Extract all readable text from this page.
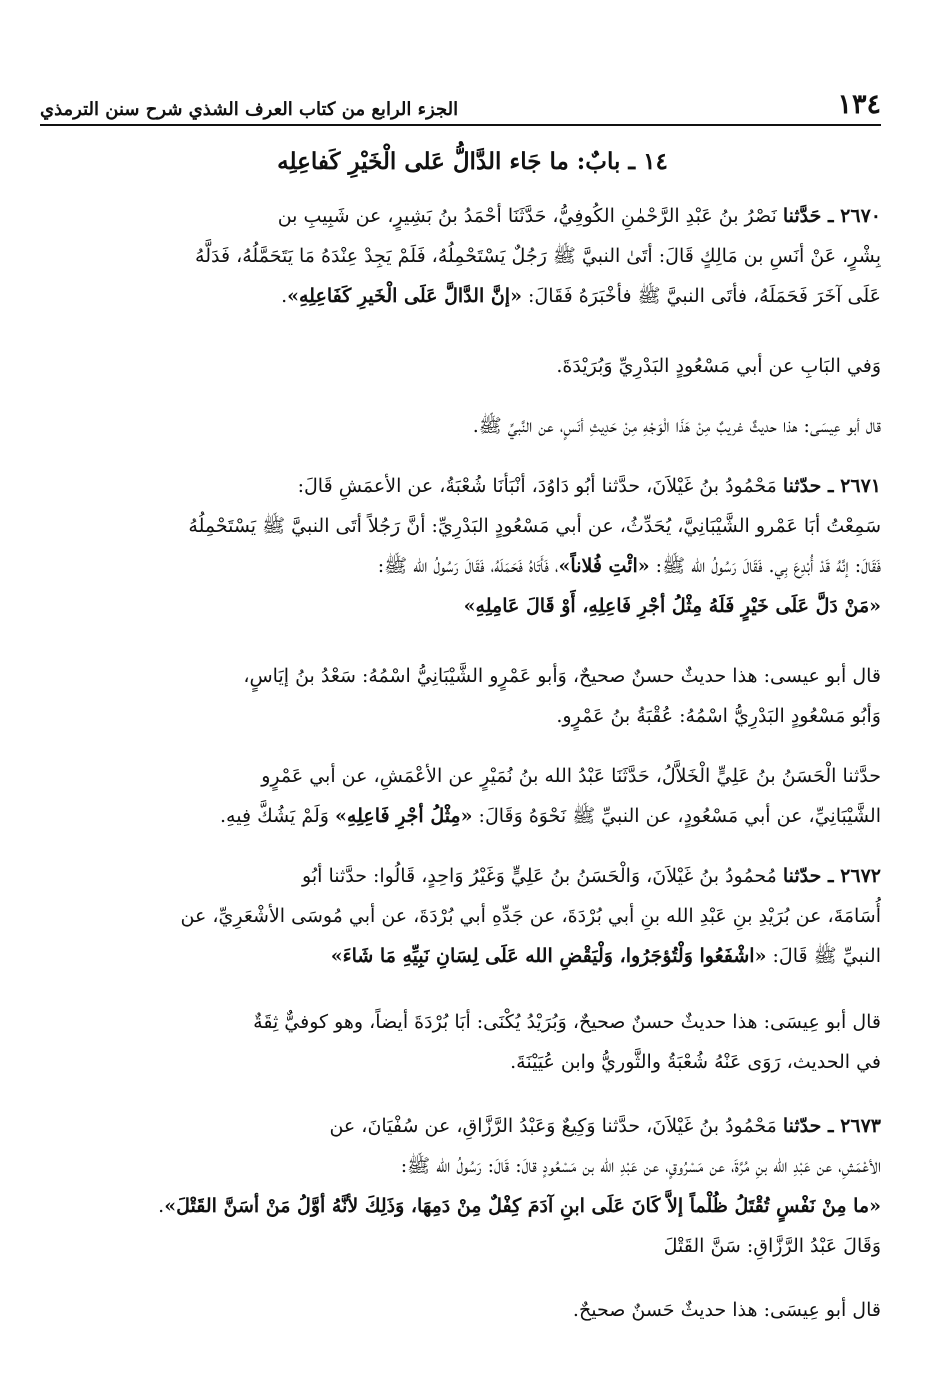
١٣٤
الجزء الرابع من كتاب العرف الشذي شرح سنن الترمذي
١٤ ـ بابٌ: ما جَاء الدَّالُّ عَلى الْخَيْرِ كَفاعِلِه
٢٦٧٠ ـ حَدَّثنا نَصْرُ بنُ عَبْدِ الرَّحْمٰنِ الكُوفِيُّ، حَدَّثَنَا أحْمَدُ بنُ بَشِيرٍ، عن شَبِيبِ بن
بِشْرٍ، عَنْ أنَسِ بن مَالِكٍ قَالَ: أتَىٰ النبيَّ ﷺ رَجُلٌ يَسْتَحْمِلُهُ، فَلَمْ يَجِدْ عِنْدَهُ مَا يَتَحَمَّلُهُ، فَدَلَّهُ
عَلَى آخَرَ فَحَمَلَهُ، فأتَى النبيَّ ﷺ فأخْبَرَهُ فَقَالَ: «إنَّ الدَّالَّ عَلَى الْخَيرِ كَفَاعِلِهِ».
وَفي البَابِ عن أبي مَسْعُودٍ البَدْرِيِّ وَبُرَيْدَةَ.
قال أبو عِيسَى: هذا حديثٌ غريبٌ مِنْ هَذَا الْوَجْهِ مِنْ حَدِيثِ أنَسٍ، عن النَّبيِّ ﷺ.
٢٦٧١ ـ حدّثنا مَحْمُودُ بنُ غَيْلاَنَ، حدَّثنا أبُو دَاوُدَ، أنْبَأنَا شُعْبَةُ، عن الأعمَشِ قَالَ:
سَمِعْتُ أبَا عَمْرو الشَّيْبَانِيَّ، يُحَدِّثُ، عن أبي مَسْعُودٍ البَدْرِيِّ: أنَّ رَجُلاً أتَى النبيَّ ﷺ يَسْتَحْمِلُهُ
فَقَالَ: إنَّهُ قَدْ أُبْدِعَ بِي. فَقَالَ رَسُولُ الله ﷺ: «ائْتِ فُلاناً»، فَأَتَاهُ فَحَمَلَهُ، فَقَالَ رَسُولُ الله ﷺ:
«مَنْ دَلَّ عَلَى خَيْرٍ فَلَهُ مِثْلُ أجْرِ فَاعِلِهِ، أَوْ قَالَ عَامِلِهِ»
قال أبو عيسى: هذا حديثٌ حسنٌ صحيحٌ، وَأبو عَمْرٍو الشَّيْبَانِيُّ اسْمُهُ: سَعْدُ بنُ إيَاسٍ،
وَأبُو مَسْعُودٍ البَدْرِيُّ اسْمُهُ: عُقْبَةُ بنُ عَمْرٍو.
حدَّثنا الْحَسَنُ بنُ عَلِيٍّ الْخَلاَّلُ، حَدَّثَنَا عَبْدُ الله بنُ نُمَيْرٍ عن الأعْمَشِ، عن أبي عَمْرٍو
الشَّيْبَانِيِّ، عن أبي مَسْعُودٍ، عن النبيِّ ﷺ نَحْوَهُ وَقَالَ: «مِثْلُ أجْرِ فَاعِلِهِ» وَلَمْ يَشُكَّ فِيهِ.
٢٦٧٢ ـ حدّثنا مُحمُودُ بنُ غَيْلاَنَ، وَالْحَسَنُ بنُ عَلِيٍّ وَغَيْرُ وَاحِدٍ، قَالُوا: حدَّثنا أبُو
أُسَامَةَ، عن بُرَيْدِ بنِ عَبْدِ الله بنِ أبي بُرْدَةَ، عن جَدِّهِ أبي بُرْدَةَ، عن أبي مُوسَى الأشْعَرِيِّ، عن
النبيِّ ﷺ قَالَ: «اشْفَعُوا وَلْتُؤجَرُوا، وَلْيَقْضِ الله عَلَى لِسَانِ نَبِيِّهِ مَا شَاءَ»
قال أبو عِيسَى: هذا حديثٌ حسنٌ صحيحٌ، وَبُرَيْدُ يُكْنَى: أبَا بُرْدَةَ أيضاً، وهو كوفيٌّ ثِقَةٌ
في الحديث، رَوَى عَنْهُ شُعْبَةُ والثَّوريُّ وابن عُيَيْنَةَ.
٢٦٧٣ ـ حدّثنا مَحْمُودُ بنُ غَيْلاَنَ، حدَّثنا وَكِيعٌ وَعَبْدُ الرَّزَّاقِ، عن سُفْيَانَ، عن
الأعْمَشِ، عن عَبْدِ الله بنِ مُرَّةَ، عن مَسْرُوقٍ، عن عَبْدِ الله بن مَسْعُودٍ قالَ: قَالَ: رَسُولُ الله ﷺ:
«ما مِنْ نَفْسٍ تُقْتَلُ ظُلْماً إلاَّ كَانَ عَلَى ابنِ آدَمَ كِفْلٌ مِنْ دَمِهَا، وَذَلِكَ لأنَّهُ أوَّلُ مَنْ أسَنَّ القَتْلَ».
وَقَالَ عَبْدُ الرَّزَّاقِ: سَنَّ القَتْلَ
قال أبو عِيسَى: هذا حديثٌ حَسنٌ صحيحٌ.
